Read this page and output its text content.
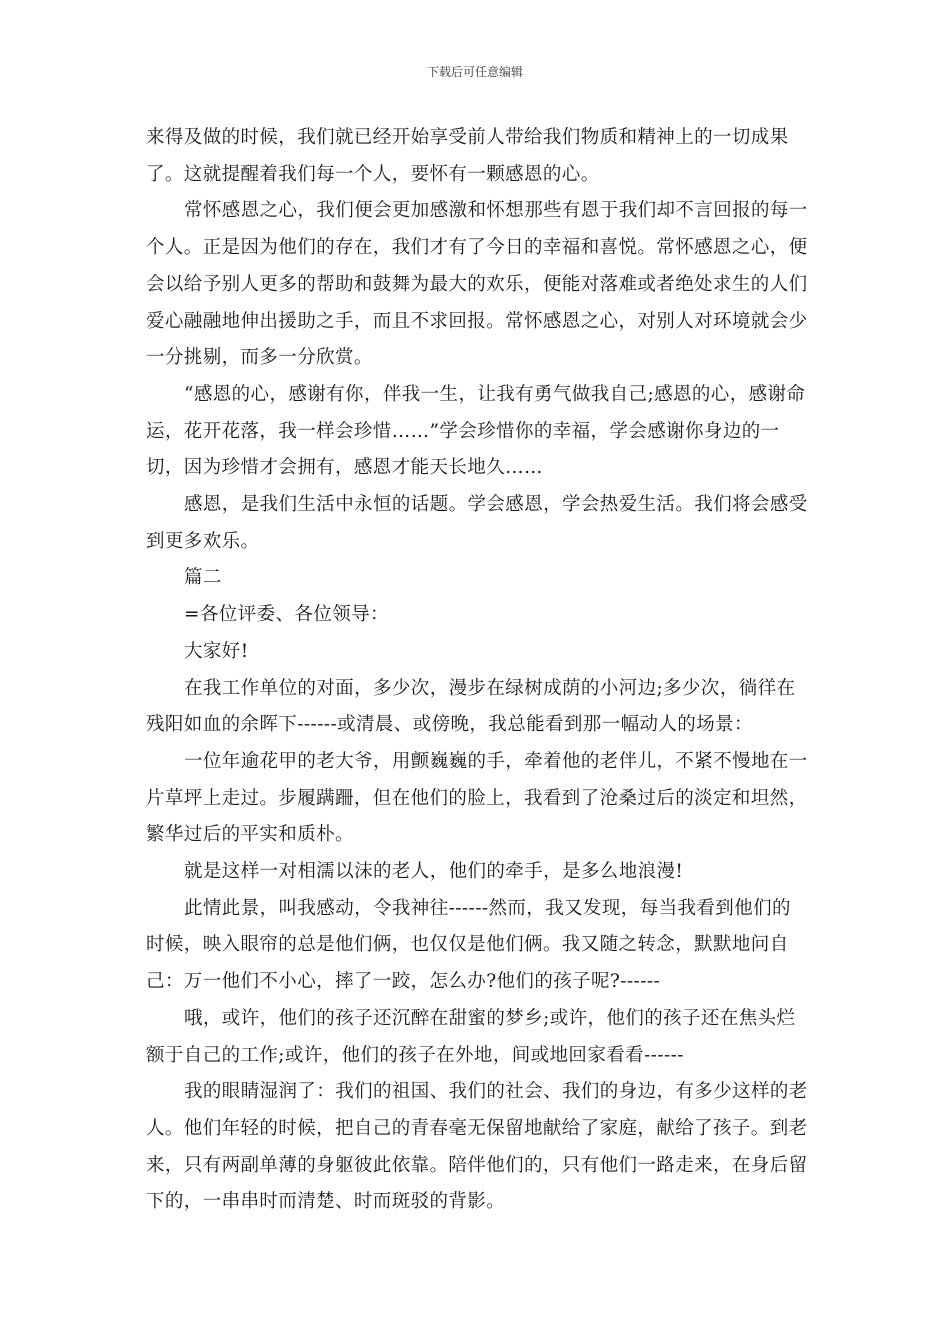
下载后可任意编辑

来得及做的时候，我们就已经开始享受前人带给我们物质和精神上的一切成果了。这就提醒着我们每一个人，要怀有一颗感恩的心。

常怀感恩之心，我们便会更加感激和怀想那些有恩于我们却不言回报的每一个人。正是因为他们的存在，我们才有了今日的幸福和喜悦。常怀感恩之心，便会以给予别人更多的帮助和鼓舞为最大的欢乐，便能对落难或者绝处求生的人们爱心融融地伸出援助之手，而且不求回报。常怀感恩之心，对别人对环境就会少一分挑剔，而多一分欣赏。

“感恩的心，感谢有你，伴我一生，让我有勇气做我自己;感恩的心，感谢命运，花开花落，我一样会珍惜……”学会珍惜你的幸福，学会感谢你身边的一切，因为珍惜才会拥有，感恩才能天长地久……

感恩，是我们生活中永恒的话题。学会感恩，学会热爱生活。我们将会感受到更多欢乐。

篇二

=各位评委、各位领导：

大家好!

在我工作单位的对面，多少次，漫步在绿树成荫的小河边;多少次，徜徉在残阳如血的余晖下------或清晨、或傍晚，我总能看到那一幅动人的场景：

一位年逾花甲的老大爷，用颤巍巍的手，牵着他的老伴儿，不紧不慢地在一片草坪上走过。步履蹒跚，但在他们的脸上，我看到了沧桑过后的淡定和坦然，繁华过后的平实和质朴。

就是这样一对相濡以沫的老人，他们的牵手，是多么地浪漫!

此情此景，叫我感动，令我神往------然而，我又发现，每当我看到他们的时候，映入眼帘的总是他们俩，也仅仅是他们俩。我又随之转念，默默地问自己：万一他们不小心，摔了一跤，怎么办?他们的孩子呢?------

哦，或许，他们的孩子还沉醉在甜蜜的梦乡;或许，他们的孩子还在焦头烂额于自己的工作;或许，他们的孩子在外地，间或地回家看看------

我的眼睛湿润了：我们的祖国、我们的社会、我们的身边，有多少这样的老人。他们年轻的时候，把自己的青春毫无保留地献给了家庭，献给了孩子。到老来，只有两副单薄的身躯彼此依靠。陪伴他们的，只有他们一路走来，在身后留下的，一串串时而清楚、时而斑驳的背影。
